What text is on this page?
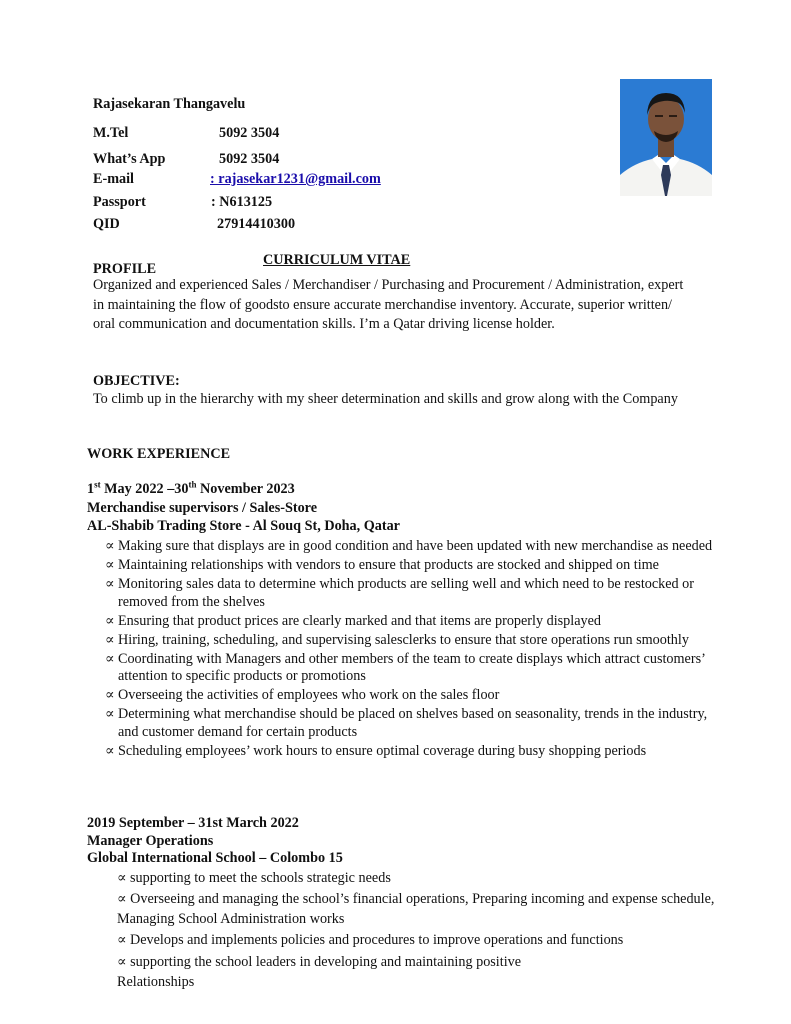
Rajasekaran Thangavelu
M.Tel	5092 3504
What’s App	5092 3504
E-mail	: rajasekar1231@gmail.com
Passport	: N613125
QID	27914410300
CURRICULUM VITAE
PROFILE
Organized and experienced Sales / Merchandiser / Purchasing and Procurement / Administration, expert in maintaining the flow of goodsto ensure accurate merchandise inventory. Accurate, superior written/ oral communication and documentation skills. I’m a Qatar driving license holder.
OBJECTIVE:
To climb up in the hierarchy with my sheer determination and skills and grow along with the Company
WORK EXPERIENCE
1st May 2022 –30th November 2023
Merchandise supervisors / Sales-Store
AL-Shabib Trading Store - Al Souq St, Doha, Qatar
∝ Making sure that displays are in good condition and have been updated with new merchandise as needed
∝ Maintaining relationships with vendors to ensure that products are stocked and shipped on time
∝ Monitoring sales data to determine which products are selling well and which need to be restocked or removed from the shelves
∝ Ensuring that product prices are clearly marked and that items are properly displayed
∝ Hiring, training, scheduling, and supervising salesclerks to ensure that store operations run smoothly
∝ Coordinating with Managers and other members of the team to create displays which attract customers’ attention to specific products or promotions
∝ Overseeing the activities of employees who work on the sales floor
∝ Determining what merchandise should be placed on shelves based on seasonality, trends in the industry, and customer demand for certain products
∝ Scheduling employees’ work hours to ensure optimal coverage during busy shopping periods
2019 September – 31st March 2022
Manager Operations
Global International School – Colombo 15
∝ supporting to meet the schools strategic needs
∝ Overseeing and managing the school’s financial operations, Preparing incoming and expense schedule, Managing School Administration works
∝ Develops and implements policies and procedures to improve operations and functions
∝ supporting the school leaders in developing and maintaining positive Relationships
